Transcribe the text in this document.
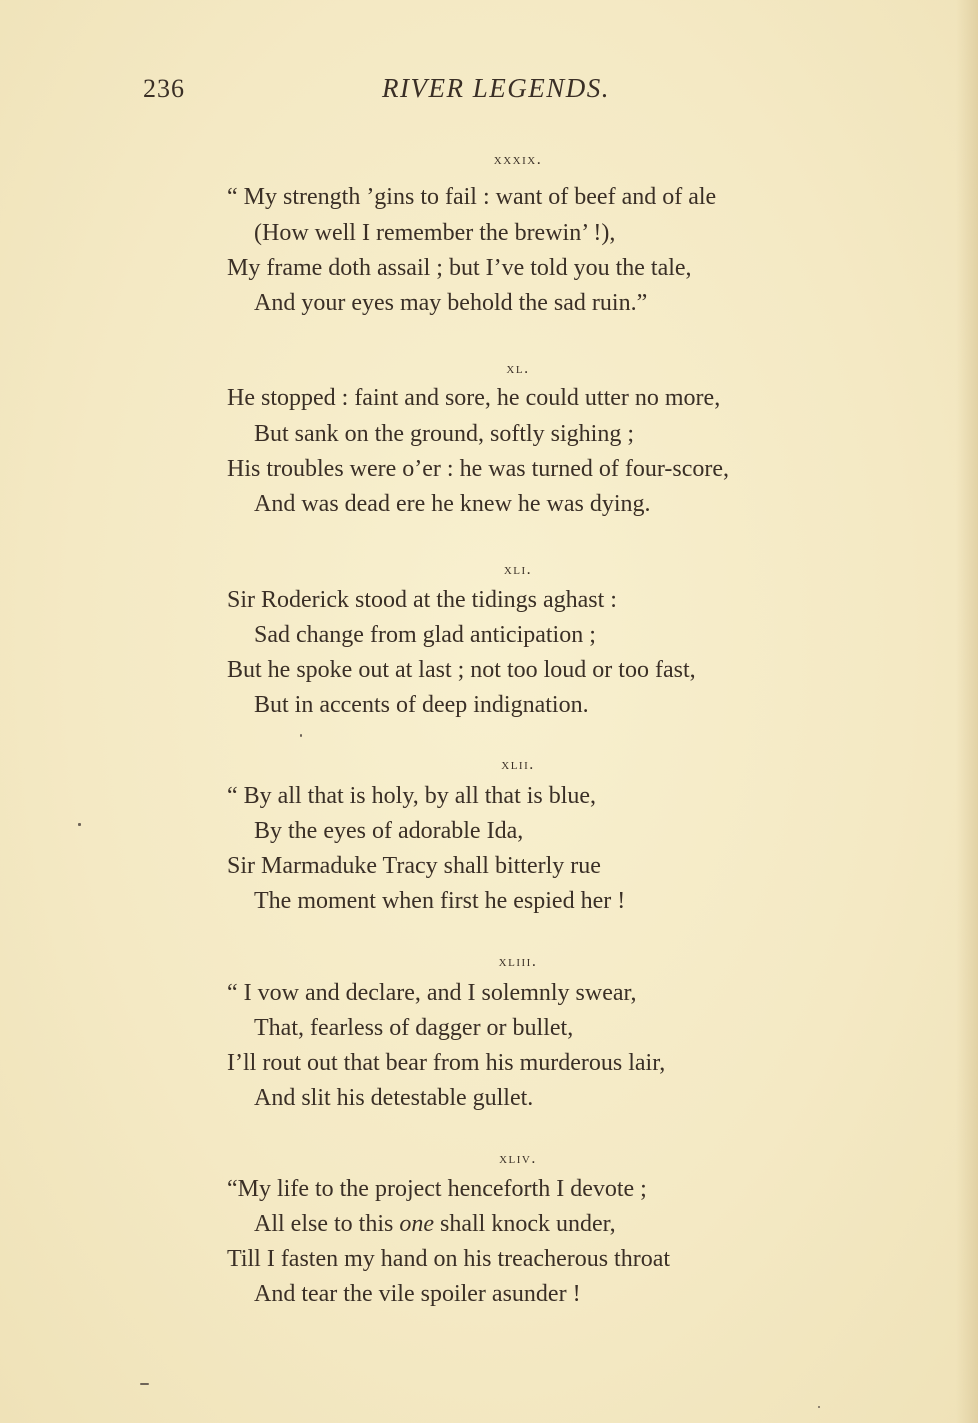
236	RIVER LEGENDS.
xxxix.
“ My strength ’gins to fail : want of beef and of ale
(How well I remember the brewin’ !),
My frame doth assail ; but I’ve told you the tale,
And your eyes may behold the sad ruin.”
xl.
He stopped : faint and sore, he could utter no more,
But sank on the ground, softly sighing ;
His troubles were o’er : he was turned of four-score,
And was dead ere he knew he was dying.
xli.
Sir Roderick stood at the tidings aghast :
Sad change from glad anticipation ;
But he spoke out at last ; not too loud or too fast,
But in accents of deep indignation.
xlii.
“ By all that is holy, by all that is blue,
By the eyes of adorable Ida,
Sir Marmaduke Tracy shall bitterly rue
The moment when first he espied her !
xliii.
“ I vow and declare, and I solemnly swear,
That, fearless of dagger or bullet,
I’ll rout out that bear from his murderous lair,
And slit his detestable gullet.
xliv.
“My life to the project henceforth I devote ;
All else to this one shall knock under,
Till I fasten my hand on his treacherous throat
And tear the vile spoiler asunder !
